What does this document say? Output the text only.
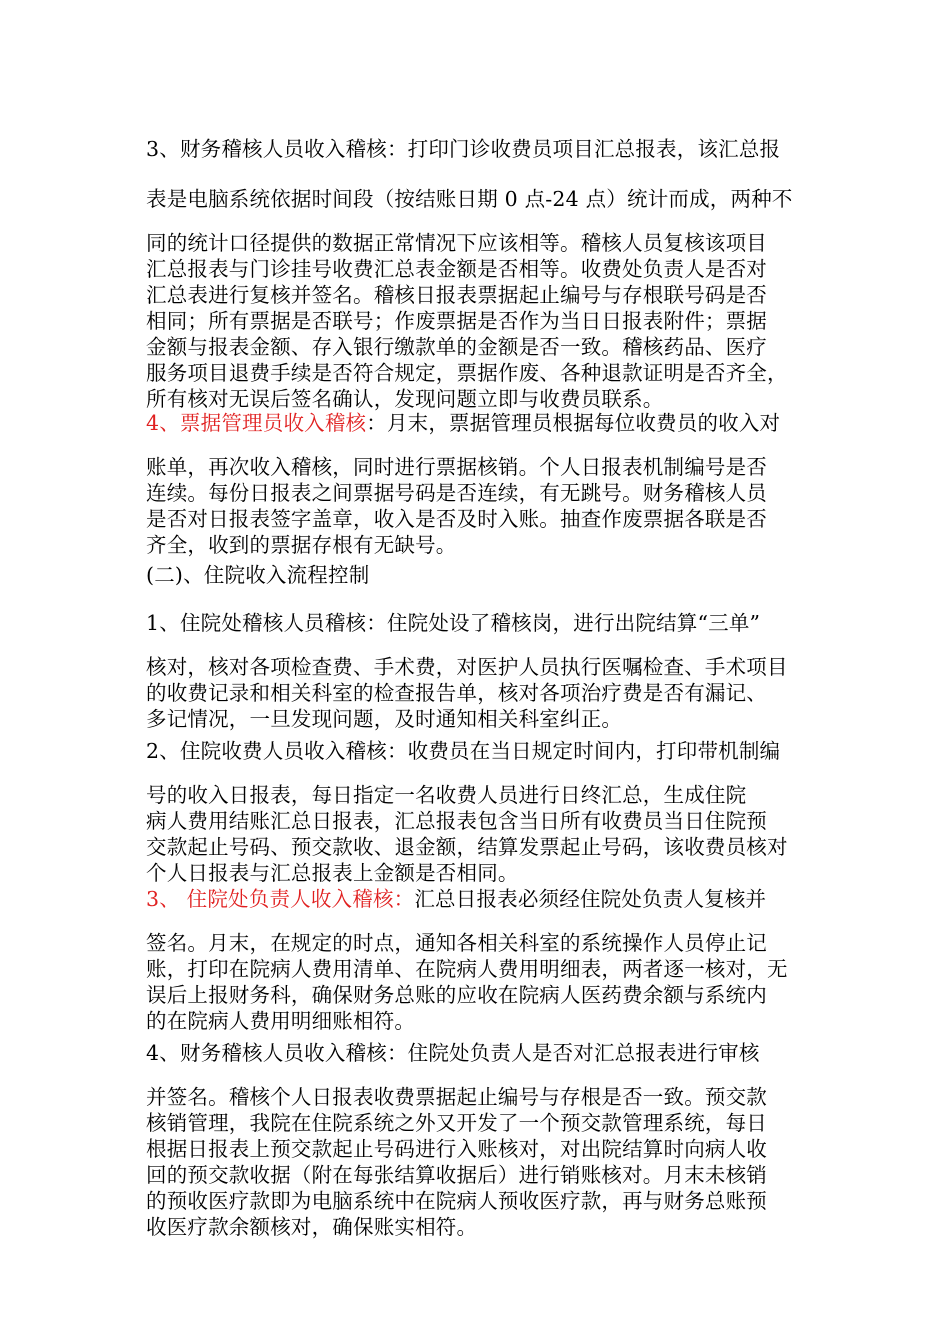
3、财务稽核人员收入稽核：打印门诊收费员项目汇总报表，该汇总报
表是电脑系统依据时间段（按结账日期 0 点-24 点）统计而成，两种不
同的统计口径提供的数据正常情况下应该相等。稽核人员复核该项目
汇总报表与门诊挂号收费汇总表金额是否相等。收费处负责人是否对
汇总表进行复核并签名。稽核日报表票据起止编号与存根联号码是否
相同；所有票据是否联号；作废票据是否作为当日日报表附件；票据
金额与报表金额、存入银行缴款单的金额是否一致。稽核药品、医疗
服务项目退费手续是否符合规定，票据作废、各种退款证明是否齐全，
所有核对无误后签名确认，发现问题立即与收费员联系。
4、票据管理员收入稽核：月末，票据管理员根据每位收费员的收入对
账单，再次收入稽核，同时进行票据核销。个人日报表机制编号是否
连续。每份日报表之间票据号码是否连续，有无跳号。财务稽核人员
是否对日报表签字盖章，收入是否及时入账。抽查作废票据各联是否
齐全，收到的票据存根有无缺号。
(二)、住院收入流程控制
1、住院处稽核人员稽核：住院处设了稽核岗，进行出院结算“三单”
核对，核对各项检查费、手术费，对医护人员执行医嘱检查、手术项目
的收费记录和相关科室的检查报告单，核对各项治疗费是否有漏记、
多记情况，一旦发现问题，及时通知相关科室纠正。
2、住院收费人员收入稽核：收费员在当日规定时间内，打印带机制编
号的收入日报表，每日指定一名收费人员进行日终汇总，生成住院
病人费用结账汇总日报表，汇总报表包含当日所有收费员当日住院预
交款起止号码、预交款收、退金额，结算发票起止号码，该收费员核对
个人日报表与汇总报表上金额是否相同。
3、 住院处负责人收入稽核：汇总日报表必须经住院处负责人复核并
签名。月末，在规定的时点，通知各相关科室的系统操作人员停止记
账，打印在院病人费用清单、在院病人费用明细表，两者逐一核对，无
误后上报财务科，确保财务总账的应收在院病人医药费余额与系统内
的在院病人费用明细账相符。
4、财务稽核人员收入稽核：住院处负责人是否对汇总报表进行审核
并签名。稽核个人日报表收费票据起止编号与存根是否一致。预交款
核销管理，我院在住院系统之外又开发了一个预交款管理系统，每日
根据日报表上预交款起止号码进行入账核对，对出院结算时向病人收
回的预交款收据（附在每张结算收据后）进行销账核对。月末未核销
的预收医疗款即为电脑系统中在院病人预收医疗款，再与财务总账预
收医疗款余额核对，确保账实相符。
